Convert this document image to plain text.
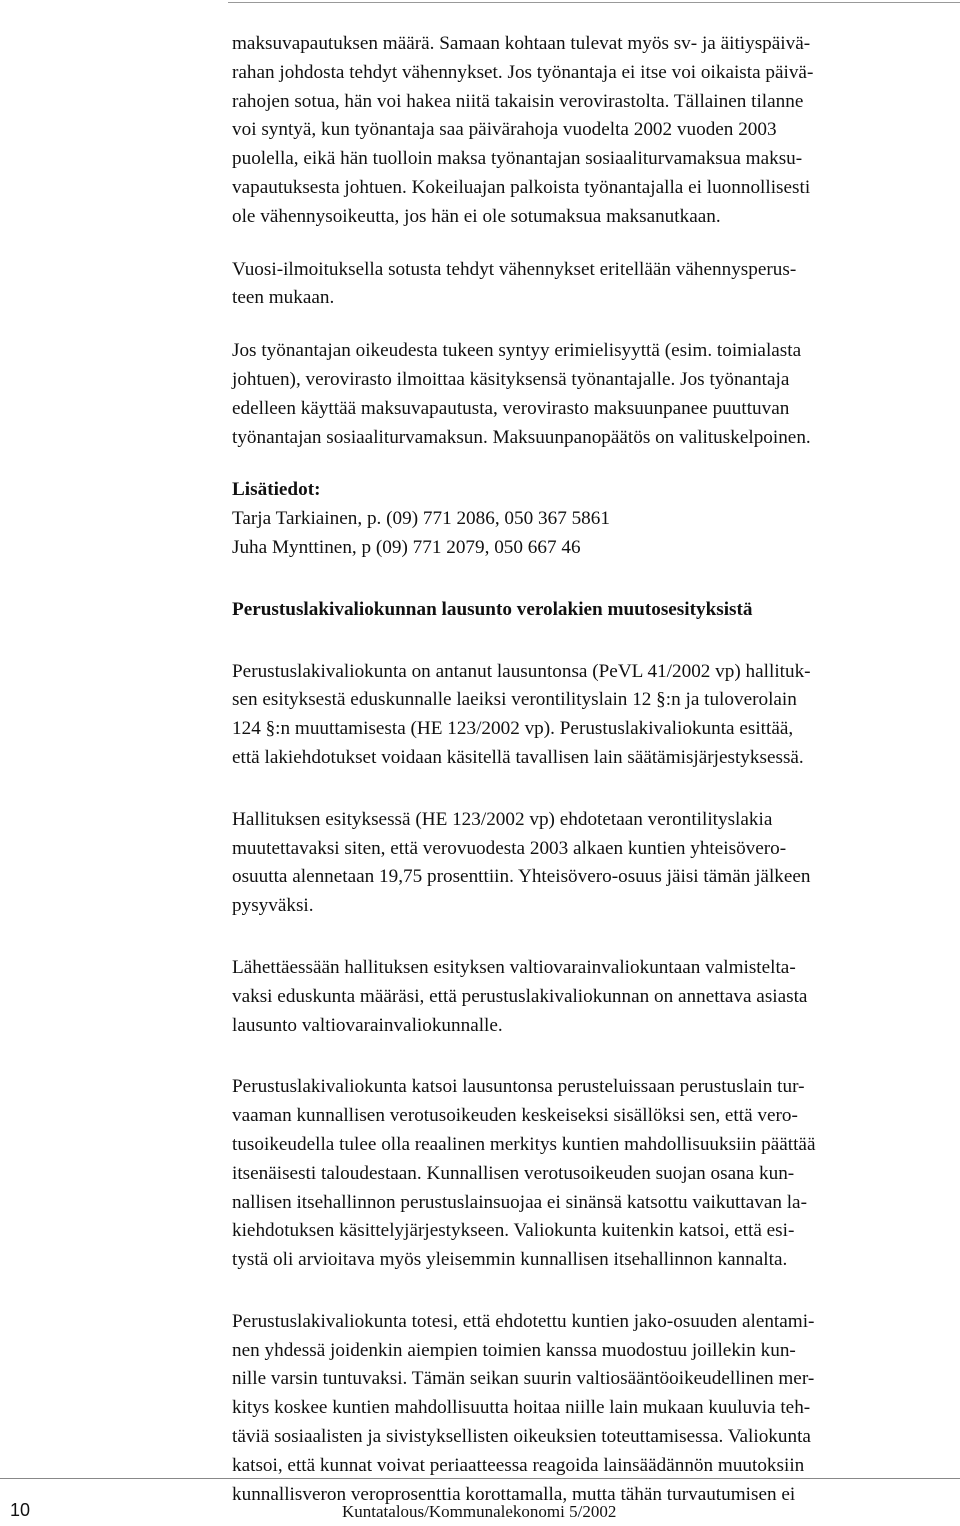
maksuvapautuksen määrä. Samaan kohtaan tulevat myös sv- ja äitiyspäivä-
rahan johdosta tehdyt vähennykset. Jos työnantaja ei itse voi oikaista päivä-
rahojen sotua, hän voi hakea niitä takaisin verovirastolta. Tällainen tilanne
voi syntyä, kun työnantaja saa päivärahoja vuodelta 2002 vuoden 2003
puolella, eikä hän tuolloin maksa työnantajan sosiaaliturvamaksua maksu-
vapautuksesta johtuen. Kokeiluajan palkoista työnantajalla ei luonnollisesti
ole vähennysoikeutta, jos hän ei ole sotumaksua maksanutkaan.

Vuosi-ilmoituksella sotusta tehdyt vähennykset eritellään vähennysperus-
teen mukaan.

Jos työnantajan oikeudesta tukeen syntyy erimielisyyttä (esim. toimialasta
johtuen), verovirasto ilmoittaa käsityksensä työnantajalle. Jos työnantaja
edelleen käyttää maksuvapautusta, verovirasto maksuunpanee puuttuvan
työnantajan sosiaaliturvamaksun. Maksuunpanopäätös on valituskelpoinen.

Lisätiedot:
Tarja Tarkiainen, p. (09) 771 2086, 050 367 5861
Juha Mynttinen, p (09) 771 2079, 050 667 46

Perustuslakivaliokunnan lausunto verolakien muutosesityksistä

Perustuslakivaliokunta on antanut lausuntonsa (PeVL 41/2002 vp) hallituk-
sen esityksestä eduskunnalle laeiksi verontilityslain 12 §:n ja tuloverolain
124 §:n muuttamisesta (HE 123/2002 vp). Perustuslakivaliokunta esittää,
että lakiehdotukset voidaan käsitellä tavallisen lain säätämisjärjestyksessä.

Hallituksen esityksessä (HE 123/2002 vp) ehdotetaan verontilityslakia
muutettavaksi siten, että verovuodesta 2003 alkaen kuntien yhteisövero-
osuutta alennetaan 19,75 prosenttiin. Yhteisövero-osuus jäisi tämän jälkeen
pysyväksi.

Lähettäessään hallituksen esityksen valtiovarainvaliokuntaan valmistelta-
vaksi eduskunta määräsi, että perustuslakivaliokunnan on annettava asiasta
lausunto valtiovarainvaliokunnalle.

Perustuslakivaliokunta katsoi lausuntonsa perusteluissaan perustuslain tur-
vaaman kunnallisen verotusoikeuden keskeiseksi sisällöksi sen, että vero-
tusoikeudella tulee olla reaalinen merkitys kuntien mahdollisuuksiin päättää
itsenäisesti taloudestaan. Kunnallisen verotusoikeuden suojan osana kun-
nallisen itsehallinnon perustuslainsuojaa ei sinänsä katsottu vaikuttavan la-
kiehdotuksen käsittelyjärjestykseen. Valiokunta kuitenkin katsoi, että esi-
tystä oli arvioitava myös yleisemmin kunnallisen itsehallinnon kannalta.

Perustuslakivaliokunta totesi, että ehdotettu kuntien jako-osuuden alentami-
nen yhdessä joidenkin aiempien toimien kanssa muodostuu joillekin kun-
nille varsin tuntuvaksi. Tämän seikan suurin valtiosääntöoikeudellinen mer-
kitys koskee kuntien mahdollisuutta hoitaa niille lain mukaan kuuluvia teh-
täviä sosiaalisten ja sivistyksellisten oikeuksien toteuttamisessa. Valiokunta
katsoi, että kunnat voivat periaatteessa reagoida lainsäädännön muutoksiin
kunnallisveron veroprosenttia korottamalla, mutta tähän turvautumisen ei

10	Kuntatalous/Kommunalekonomi 5/2002
